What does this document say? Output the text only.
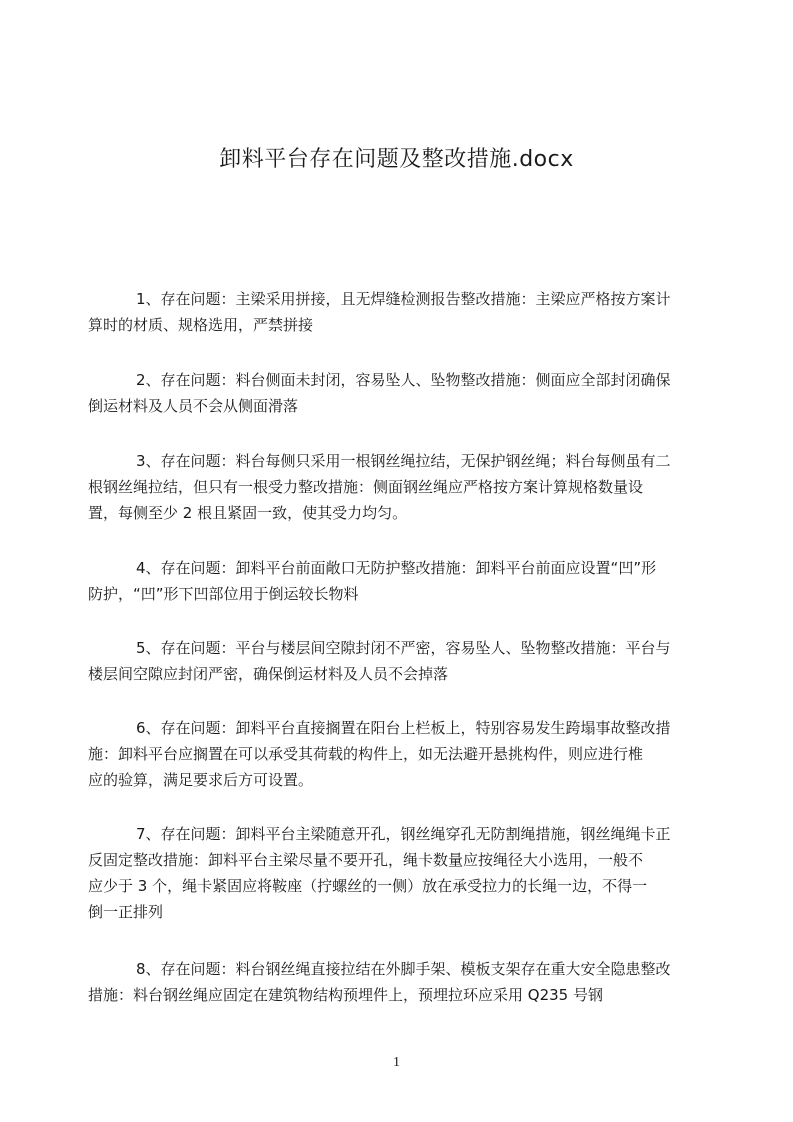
卸料平台存在问题及整改措施.docx
1、存在问题：主梁采用拼接，且无焊缝检测报告整改措施：主梁应严格按方案计
算时的材质、规格选用，严禁拼接
2、存在问题：料台侧面未封闭，容易坠人、坠物整改措施：侧面应全部封闭确保
倒运材料及人员不会从侧面滑落
3、存在问题：料台每侧只采用一根钢丝绳拉结，无保护钢丝绳；料台每侧虽有二
根钢丝绳拉结，但只有一根受力整改措施：侧面钢丝绳应严格按方案计算规格数量设
置，每侧至少 2 根且紧固一致，使其受力均匀。
4、存在问题：卸料平台前面敞口无防护整改措施：卸料平台前面应设置“凹”形
防护，“凹”形下凹部位用于倒运较长物料
5、存在问题：平台与楼层间空隙封闭不严密，容易坠人、坠物整改措施：平台与
楼层间空隙应封闭严密，确保倒运材料及人员不会掉落
6、存在问题：卸料平台直接搁置在阳台上栏板上，特别容易发生跨塌事故整改措
施：卸料平台应搁置在可以承受其荷载的构件上，如无法避开悬挑构件，则应进行椎
应的验算，满足要求后方可设置。
7、存在问题：卸料平台主梁随意开孔，钢丝绳穿孔无防割绳措施，钢丝绳绳卡正
反固定整改措施：卸料平台主梁尽量不要开孔，绳卡数量应按绳径大小选用，一般不
应少于 3 个，绳卡紧固应将鞍座（拧螺丝的一侧）放在承受拉力的长绳一边，不得一
倒一正排列
8、存在问题：料台钢丝绳直接拉结在外脚手架、模板支架存在重大安全隐患整改
措施：料台钢丝绳应固定在建筑物结构预埋件上，预埋拉环应采用 Q235 号钢
1
